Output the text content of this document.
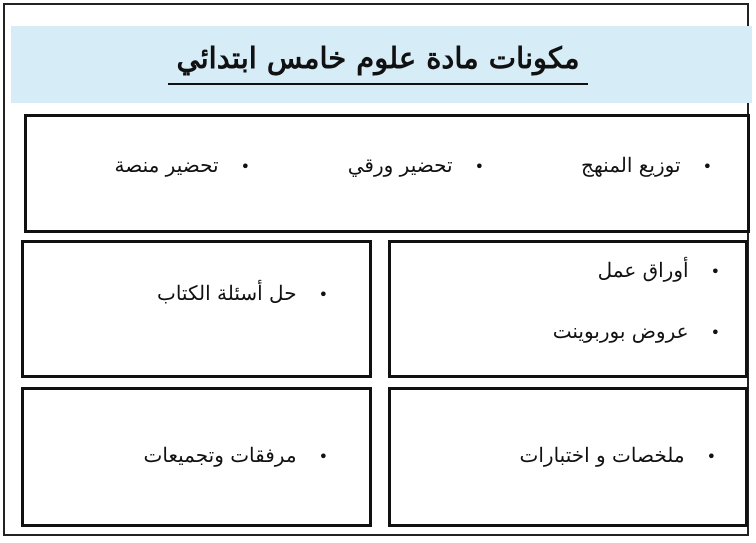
مكونات مادة علوم خامس ابتدائي
•توزيع المنهج
•تحضير ورقي
•تحضير منصة
•أوراق عمل
•عروض بوربوينت
•حل أسئلة الكتاب
•ملخصات و اختبارات
•مرفقات وتجميعات
